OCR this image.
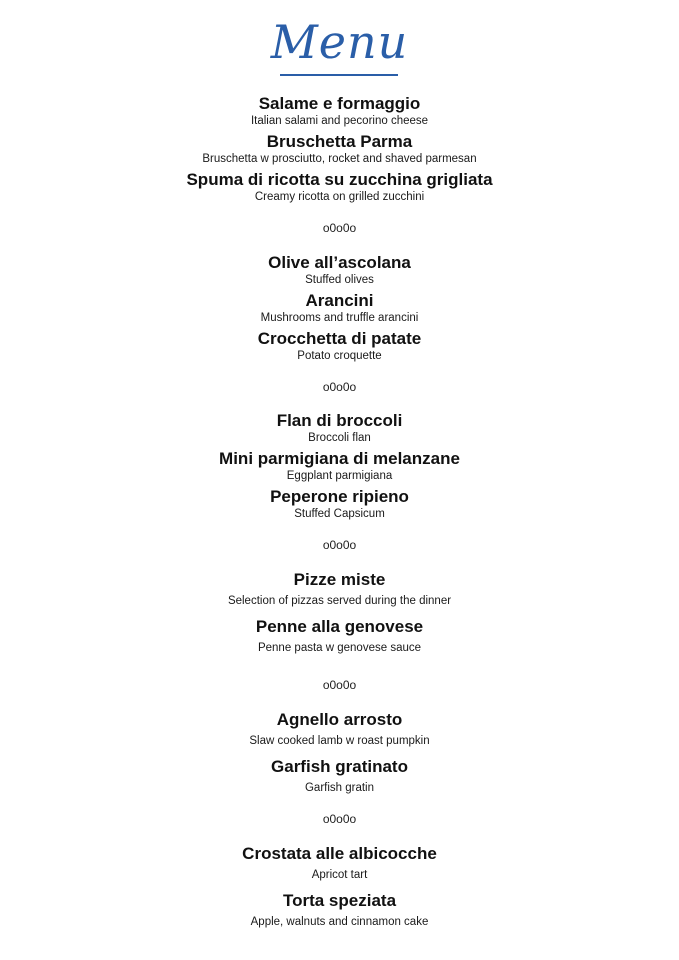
Menu
Salame e formaggio
Italian salami and pecorino cheese
Bruschetta Parma
Bruschetta w prosciutto, rocket and shaved parmesan
Spuma di ricotta su zucchina grigliata
Creamy ricotta on grilled zucchini
o0o0o
Olive all’ascolana
Stuffed olives
Arancini
Mushrooms and truffle arancini
Crocchetta di patate
Potato croquette
o0o0o
Flan di broccoli
Broccoli flan
Mini parmigiana di melanzane
Eggplant parmigiana
Peperone ripieno
Stuffed Capsicum
o0o0o
Pizze miste
Selection of pizzas served during the dinner
Penne alla genovese
Penne pasta w genovese sauce
o0o0o
Agnello arrosto
Slaw cooked lamb w roast pumpkin
Garfish gratinato
Garfish gratin
o0o0o
Crostata alle albicocche
Apricot tart
Torta speziata
Apple, walnuts and cinnamon cake
